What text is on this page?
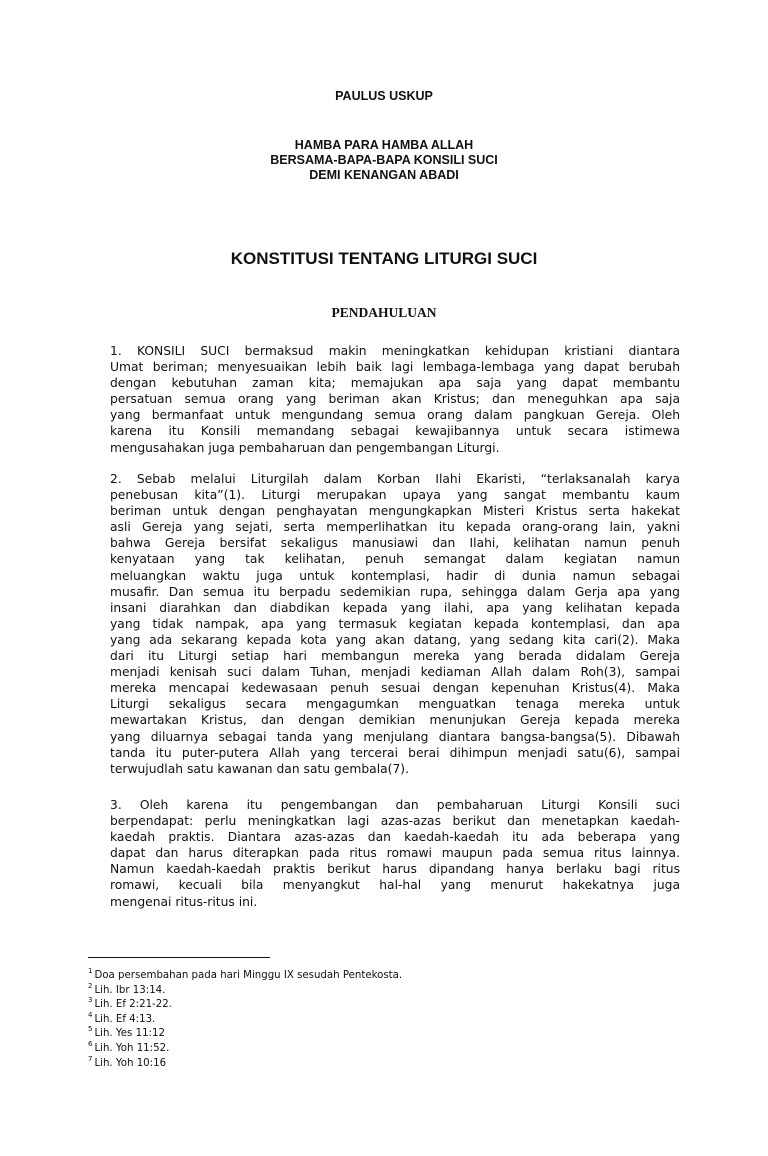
PAULUS USKUP
HAMBA PARA HAMBA ALLAH
BERSAMA-BAPA-BAPA KONSILI SUCI
DEMI KENANGAN ABADI
KONSTITUSI TENTANG LITURGI SUCI
PENDAHULUAN
1. KONSILI SUCI bermaksud makin meningkatkan kehidupan kristiani diantara
Umat beriman; menyesuaikan lebih baik lagi lembaga-lembaga yang dapat berubah
dengan kebutuhan zaman kita; memajukan apa saja yang dapat membantu
persatuan semua orang yang beriman akan Kristus; dan meneguhkan apa saja
yang bermanfaat untuk mengundang semua orang dalam pangkuan Gereja. Oleh
karena itu Konsili memandang sebagai kewajibannya untuk secara istimewa
mengusahakan juga pembaharuan dan pengembangan Liturgi.
2. Sebab melalui Liturgilah dalam Korban Ilahi Ekaristi, “terlaksanalah karya
penebusan kita”(1). Liturgi merupakan upaya yang sangat membantu kaum
beriman untuk dengan penghayatan mengungkapkan Misteri Kristus serta hakekat
asli Gereja yang sejati, serta memperlihatkan itu kepada orang-orang lain, yakni
bahwa Gereja bersifat sekaligus manusiawi dan Ilahi, kelihatan namun penuh
kenyataan yang tak kelihatan, penuh semangat dalam kegiatan namun
meluangkan waktu juga untuk kontemplasi, hadir di dunia namun sebagai
musafir. Dan semua itu berpadu sedemikian rupa, sehingga dalam Gerja apa yang
insani diarahkan dan diabdikan kepada yang ilahi, apa yang kelihatan kepada
yang tidak nampak, apa yang termasuk kegiatan kepada kontemplasi, dan apa
yang ada sekarang kepada kota yang akan datang, yang sedang kita cari(2). Maka
dari itu Liturgi setiap hari membangun mereka yang berada didalam Gereja
menjadi kenisah suci dalam Tuhan, menjadi kediaman Allah dalam Roh(3), sampai
mereka mencapai kedewasaan penuh sesuai dengan kepenuhan Kristus(4). Maka
Liturgi sekaligus secara mengagumkan menguatkan tenaga mereka untuk
mewartakan Kristus, dan dengan demikian menunjukan Gereja kepada mereka
yang diluarnya sebagai tanda yang menjulang diantara bangsa-bangsa(5). Dibawah
tanda itu puter-putera Allah yang tercerai berai dihimpun menjadi satu(6), sampai
terwujudlah satu kawanan dan satu gembala(7).
3. Oleh karena itu pengembangan dan pembaharuan Liturgi Konsili suci
berpendapat: perlu meningkatkan lagi azas-azas berikut dan menetapkan kaedah-
kaedah praktis. Diantara azas-azas dan kaedah-kaedah itu ada beberapa yang
dapat dan harus diterapkan pada ritus romawi maupun pada semua ritus lainnya.
Namun kaedah-kaedah praktis berikut harus dipandang hanya berlaku bagi ritus
romawi, kecuali bila menyangkut hal-hal yang menurut hakekatnya juga
mengenai ritus-ritus ini.
$^1$ Doa persembahan pada hari Minggu IX sesudah Pentekosta.
$^2$ Lih. Ibr 13:14.
$^3$ Lih. Ef 2:21-22.
$^4$ Lih. Ef 4:13.
$^5$ Lih. Yes 11:12
$^6$ Lih. Yoh 11:52.
$^7$ Lih. Yoh 10:16
